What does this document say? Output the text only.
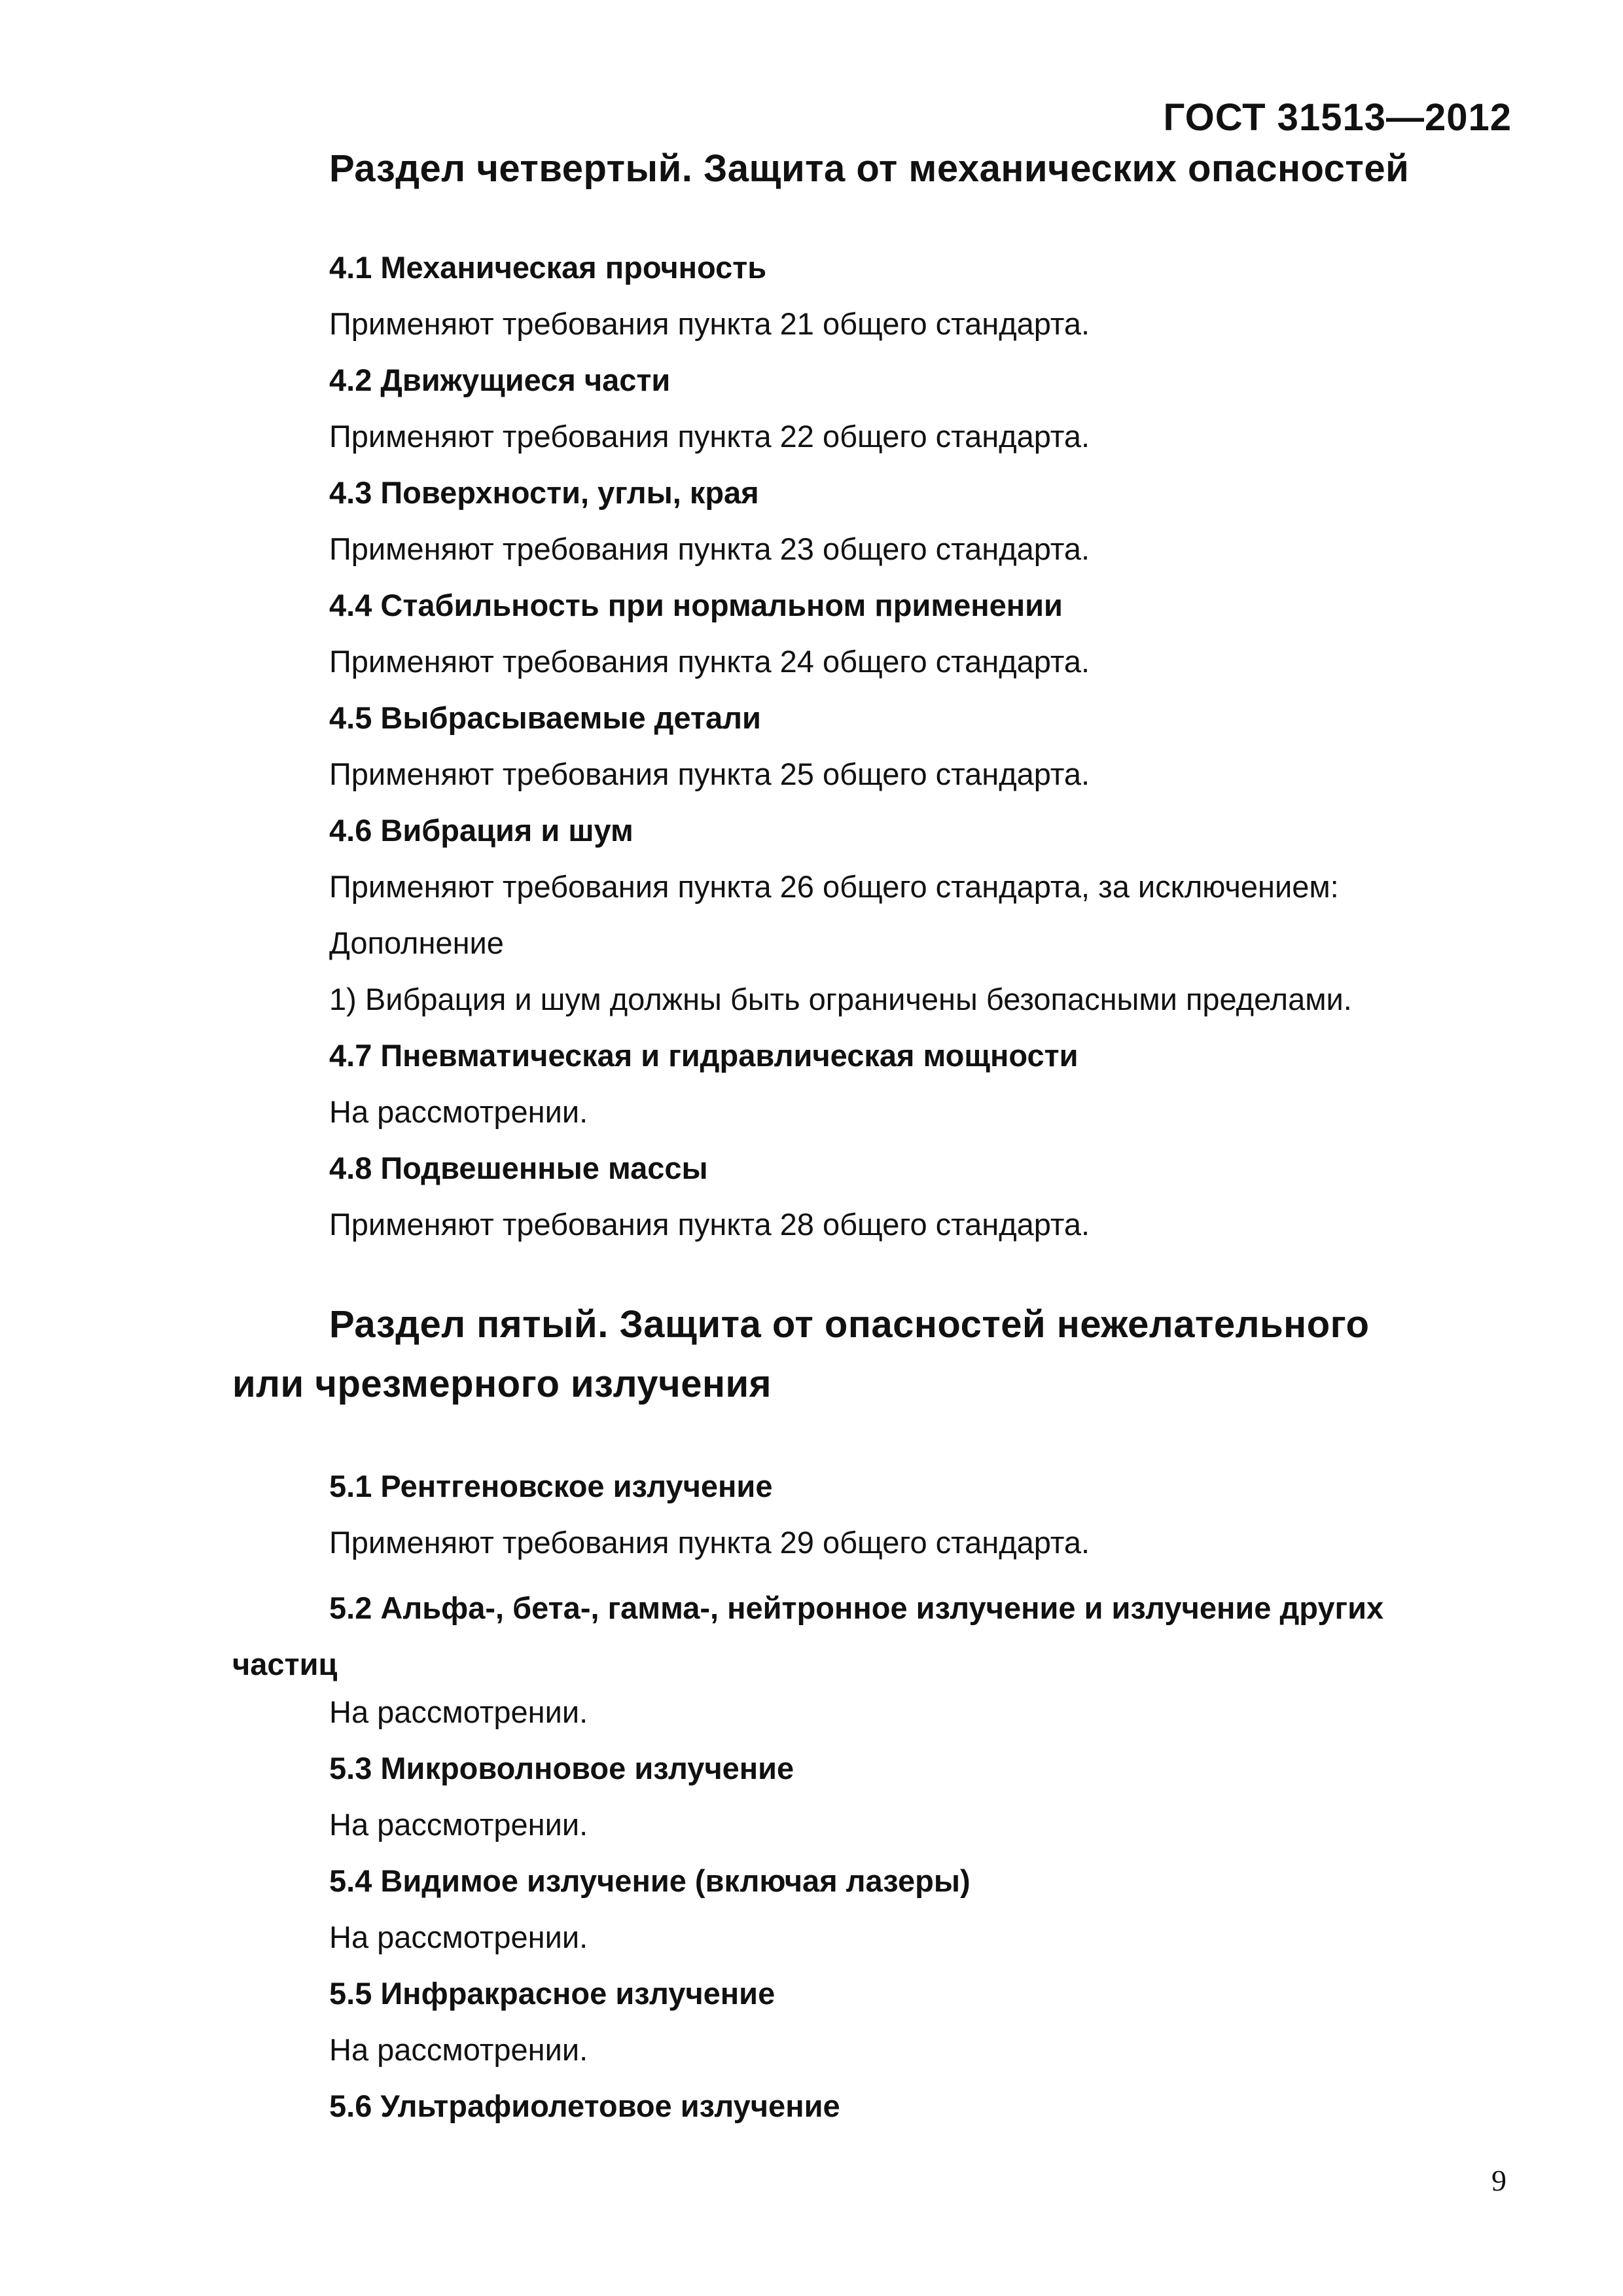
ГОСТ 31513—2012
Раздел четвертый. Защита от механических опасностей

4.1 Механическая прочность

Применяют требования пункта 21 общего стандарта.

4.2 Движущиеся части

Применяют требования пункта 22 общего стандарта.

4.3 Поверхности, углы, края

Применяют требования пункта 23 общего стандарта.

4.4 Стабильность при нормальном применении

Применяют требования пункта 24 общего стандарта.

4.5 Выбрасываемые детали

Применяют требования пункта 25 общего стандарта.

4.6 Вибрация и шум

Применяют требования пункта 26 общего стандарта, за исключением:

Дополнение

1) Вибрация и шум должны быть ограничены безопасными пределами.

4.7 Пневматическая и гидравлическая мощности

На рассмотрении.

4.8 Подвешенные массы

Применяют требования пункта 28 общего стандарта.

Раздел пятый. Защита от опасностей нежелательного
или чрезмерного излучения

5.1 Рентгеновское излучение

Применяют требования пункта 29 общего стандарта.

5.2 Альфа-, бета-, гамма-, нейтронное излучение и излучение других
частиц

На рассмотрении.

5.3 Микроволновое излучение

На рассмотрении.

5.4 Видимое излучение (включая лазеры)

На рассмотрении.

5.5 Инфракрасное излучение

На рассмотрении.

5.6 Ультрафиолетовое излучение

9
